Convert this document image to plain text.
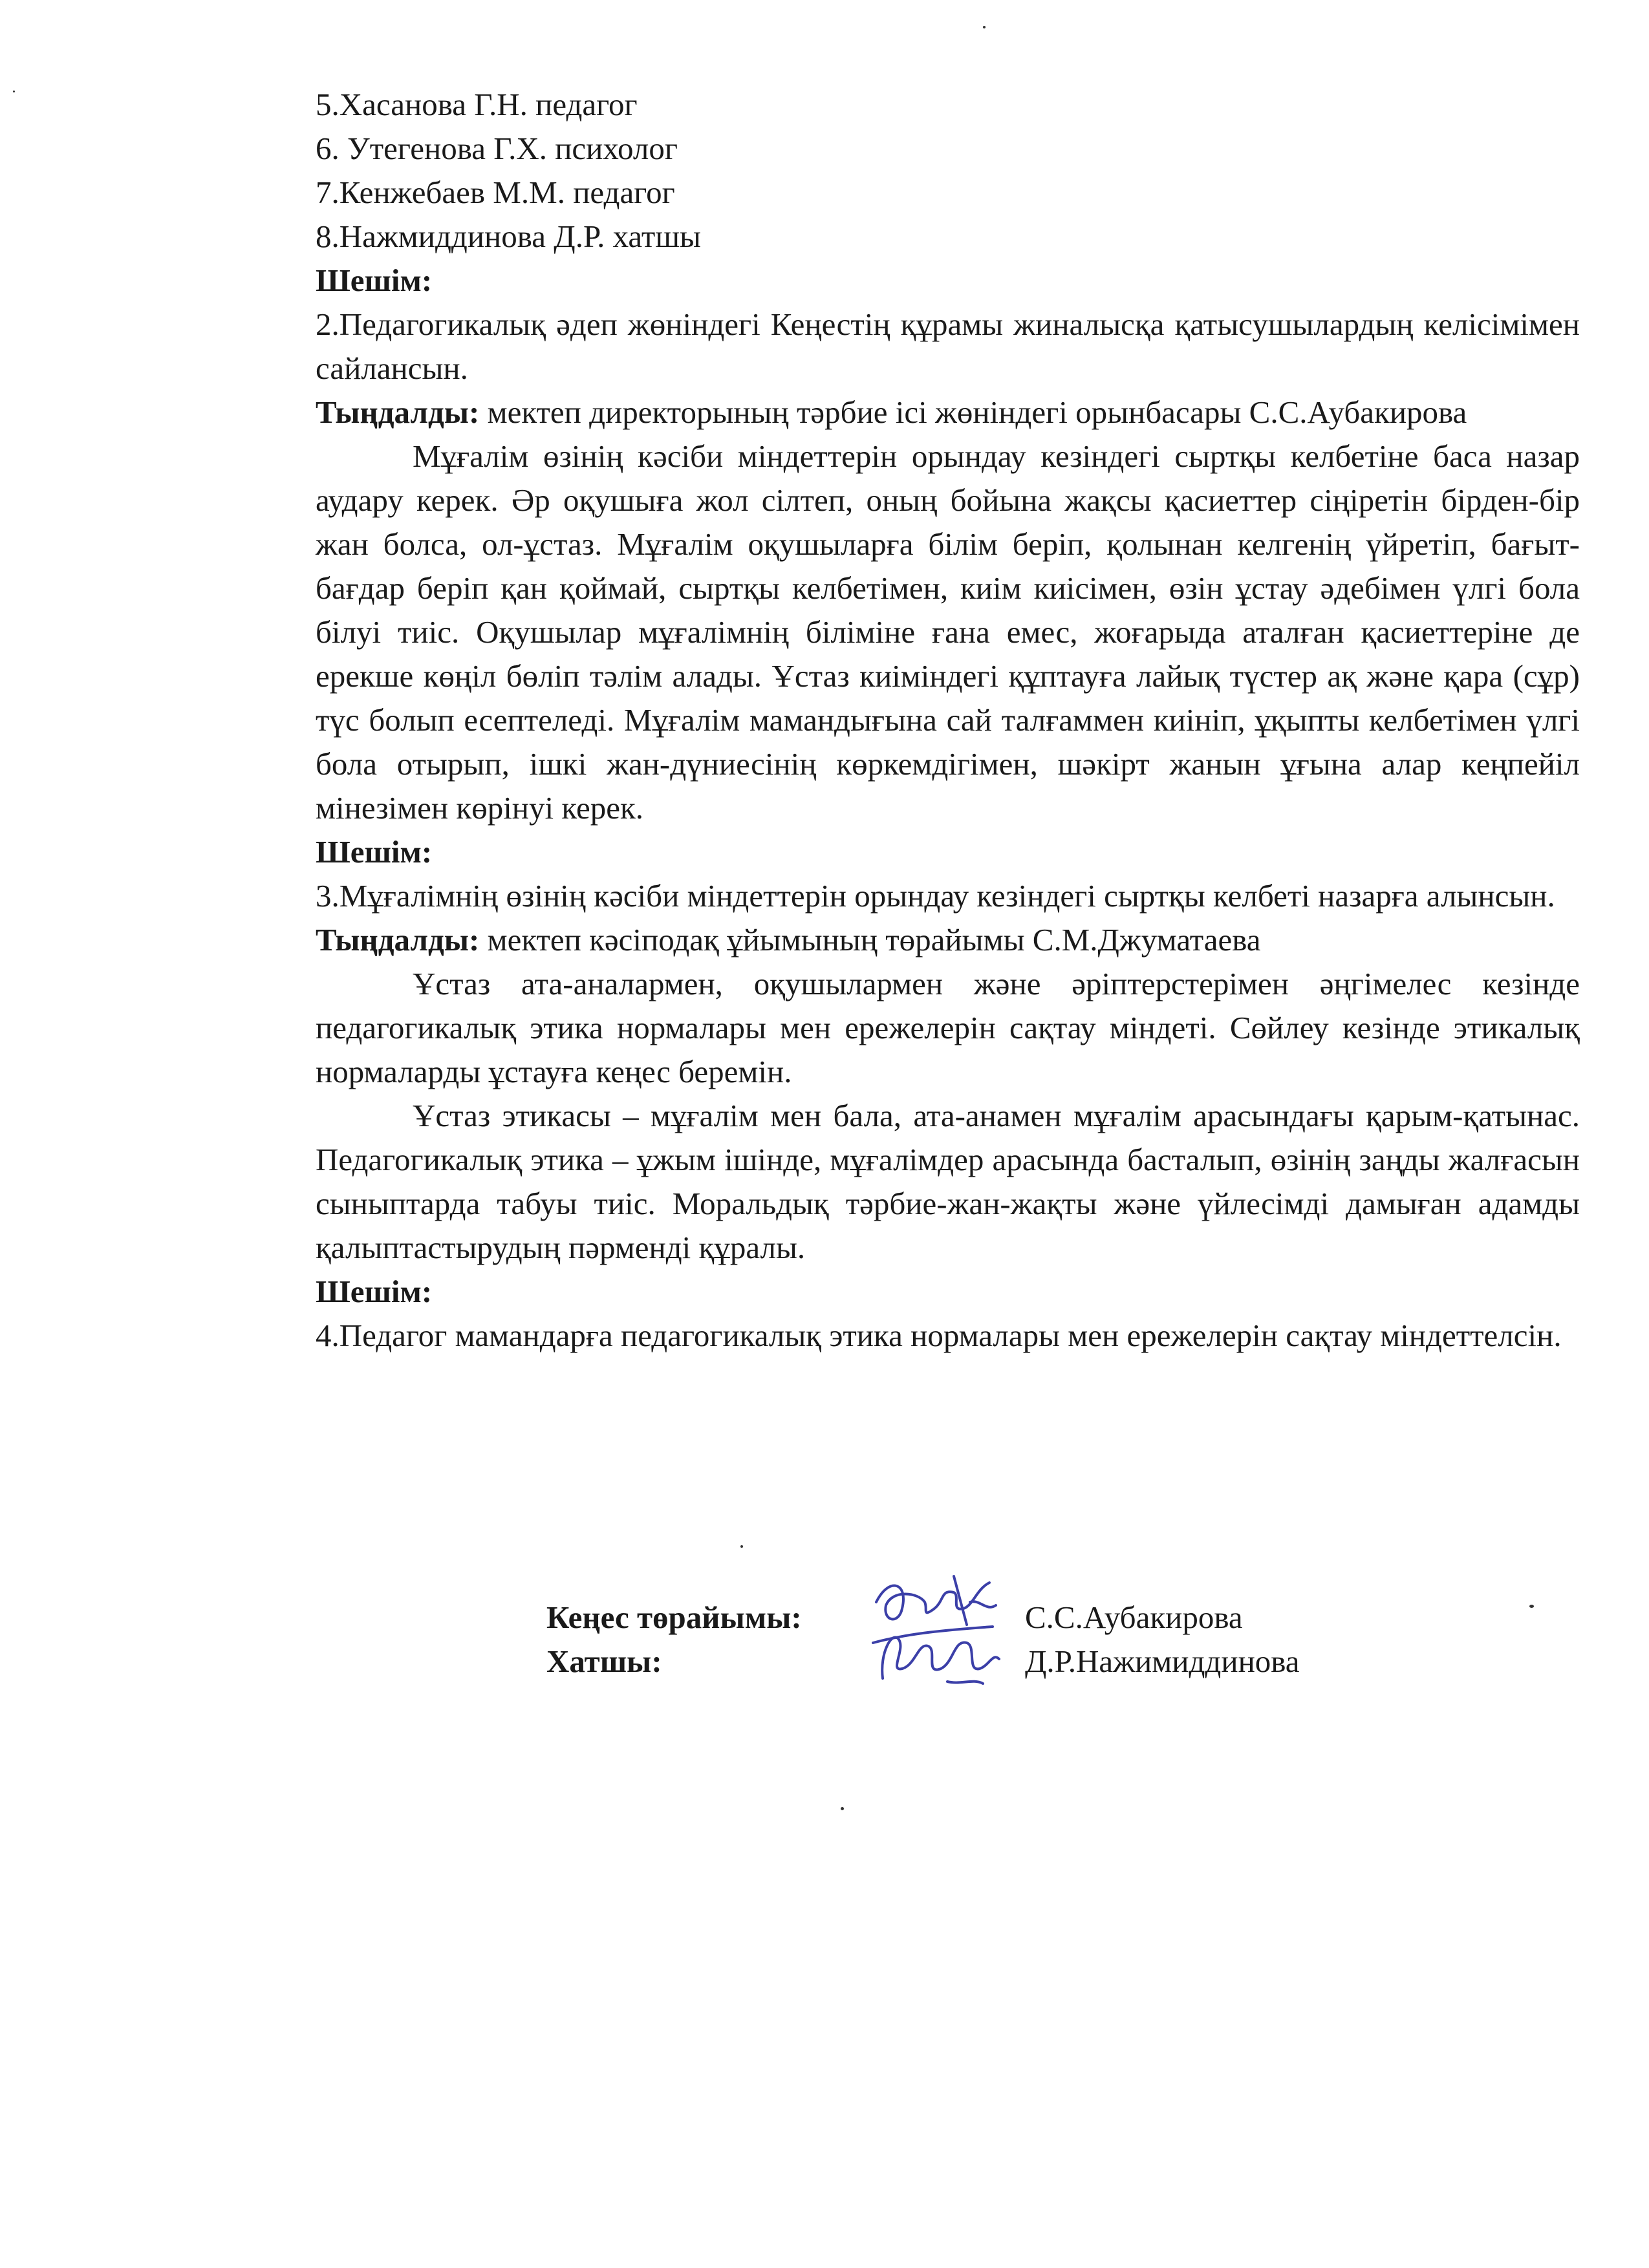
5.Хасанова Г.Н. педагог

6. Утегенова Г.Х. психолог

7.Кенжебаев М.М. педагог

8.Нажмиддинова Д.Р. хатшы

Шешім:

2.Педагогикалық әдеп жөніндегі Кеңестің құрамы жиналысқа қатысушылардың келісімімен сайлансын.

Тыңдалды: мектеп директорының тәрбие ісі жөніндегі орынбасары С.С.Аубакирова

Мұғалім өзінің кәсіби міндеттерін орындау кезіндегі сыртқы келбетіне баса назар аудару керек. Әр оқушыға жол сілтеп, оның бойына жақсы қасиеттер сіңіретін бірден-бір жан болса, ол-ұстаз. Мұғалім оқушыларға білім беріп, қолынан келгенің үйретіп, бағыт-бағдар беріп қан қоймай, сыртқы келбетімен, киім киісімен, өзін ұстау әдебімен үлгі бола білуі тиіс. Оқушылар мұғалімнің біліміне ғана емес, жоғарыда аталған қасиеттеріне де ерекше көңіл бөліп тәлім алады. Ұстаз киіміндегі құптауға лайық түстер ақ және қара (сұр) түс болып есептеледі. Мұғалім мамандығына сай талғаммен киініп, ұқыпты келбетімен үлгі бола отырып, ішкі жан-дүниесінің көркемдігімен, шәкірт жанын ұғына алар кеңпейіл мінезімен көрінуі керек.

Шешім:

3.Мұғалімнің өзінің кәсіби міндеттерін орындау кезіндегі сыртқы келбеті назарға алынсын.

Тыңдалды: мектеп кәсіподақ ұйымының төрайымы С.М.Джуматаева

Ұстаз ата-аналармен, оқушылармен және әріптерстерімен әңгімелес кезінде педагогикалық этика нормалары мен ережелерін сақтау міндеті. Сөйлеу кезінде этикалық нормаларды ұстауға кеңес беремін.

Ұстаз этикасы – мұғалім мен бала, ата-анамен мұғалім арасындағы қарым-қатынас. Педагогикалық этика – ұжым ішінде, мұғалімдер арасында басталып, өзінің заңды жалғасын сыныптарда табуы тиіс. Моральдық тәрбие-жан-жақты және үйлесімді дамыған адамды қалыптастырудың пәрменді құралы.

Шешім:

4.Педагог мамандарға педагогикалық этика нормалары мен ережелерін сақтау міндеттелсін.

Кеңес төрайымы:	С.С.Аубакирова
Хатшы:	Д.Р.Нажимиддинова
